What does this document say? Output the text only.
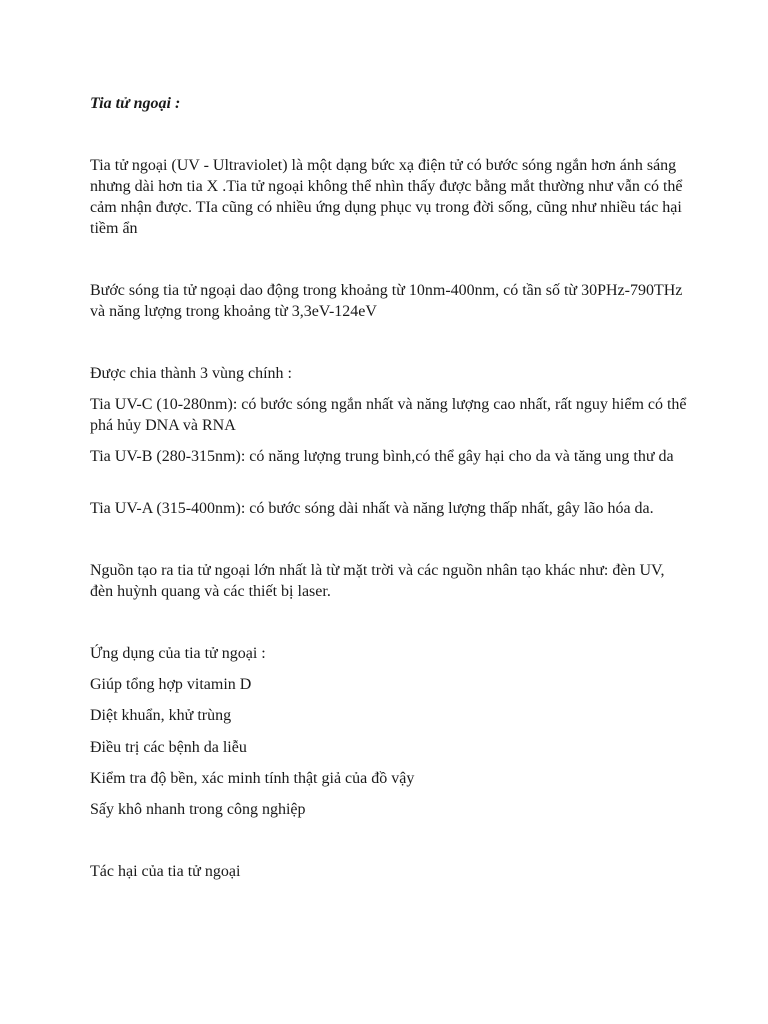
Tia tử ngoại :

Tia tử ngoại (UV - Ultraviolet) là một dạng bức xạ điện tử có bước sóng ngắn hơn ánh sáng nhưng dài hơn tia X .Tia tử ngoại không thể nhìn thấy được bằng mắt thường như vẫn có thể cảm nhận được. TIa cũng có nhiều ứng dụng phục vụ trong đời sống, cũng như nhiều tác hại tiềm ẩn

Bước sóng tia tử ngoại dao động trong khoảng từ 10nm-400nm, có tần số từ 30PHz-790THz và năng lượng trong khoảng từ 3,3eV-124eV

Được chia thành 3 vùng chính :

Tia UV-C (10-280nm): có bước sóng ngắn nhất và năng lượng cao nhất, rất nguy hiểm có thể phá hủy DNA và RNA

Tia UV-B (280-315nm): có năng lượng trung bình,có thể gây hại cho da và tăng ung thư da

Tia UV-A (315-400nm): có bước sóng dài nhất và năng lượng thấp nhất, gây lão hóa da.

Nguồn tạo ra tia tử ngoại lớn nhất là từ mặt trời và các nguồn nhân tạo khác như: đèn UV, đèn huỳnh quang và các thiết bị laser.

Ứng dụng của tia tử ngoại :

Giúp tổng hợp vitamin D

Diệt khuẩn, khử trùng

Điều trị các bệnh da liễu

Kiểm tra độ bền, xác minh tính thật giả của đồ vậy

Sấy khô nhanh trong công nghiệp

Tác hại của tia tử ngoại
